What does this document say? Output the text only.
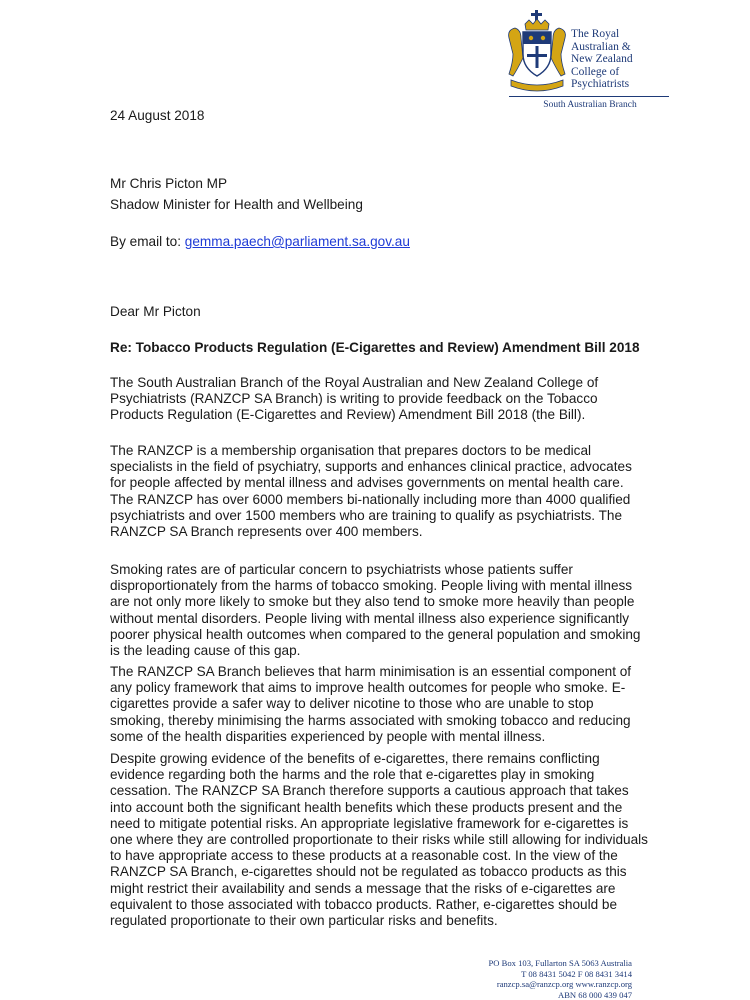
The Royal
Australian &
New Zealand
College of
Psychiatrists
South Australian Branch
24 August 2018
Mr Chris Picton MP
Shadow Minister for Health and Wellbeing
By email to: gemma.paech@parliament.sa.gov.au
Dear Mr Picton
Re: Tobacco Products Regulation (E-Cigarettes and Review) Amendment Bill 2018
The South Australian Branch of the Royal Australian and New Zealand College of
Psychiatrists (RANZCP SA Branch) is writing to provide feedback on the Tobacco
Products Regulation (E-Cigarettes and Review) Amendment Bill 2018 (the Bill).
The RANZCP is a membership organisation that prepares doctors to be medical
specialists in the field of psychiatry, supports and enhances clinical practice, advocates
for people affected by mental illness and advises governments on mental health care.
The RANZCP has over 6000 members bi-nationally including more than 4000 qualified
psychiatrists and over 1500 members who are training to qualify as psychiatrists. The
RANZCP SA Branch represents over 400 members.
Smoking rates are of particular concern to psychiatrists whose patients suffer
disproportionately from the harms of tobacco smoking. People living with mental illness
are not only more likely to smoke but they also tend to smoke more heavily than people
without mental disorders. People living with mental illness also experience significantly
poorer physical health outcomes when compared to the general population and smoking
is the leading cause of this gap.
The RANZCP SA Branch believes that harm minimisation is an essential component of
any policy framework that aims to improve health outcomes for people who smoke. E-
cigarettes provide a safer way to deliver nicotine to those who are unable to stop
smoking, thereby minimising the harms associated with smoking tobacco and reducing
some of the health disparities experienced by people with mental illness.
Despite growing evidence of the benefits of e-cigarettes, there remains conflicting
evidence regarding both the harms and the role that e-cigarettes play in smoking
cessation. The RANZCP SA Branch therefore supports a cautious approach that takes
into account both the significant health benefits which these products present and the
need to mitigate potential risks. An appropriate legislative framework for e-cigarettes is
one where they are controlled proportionate to their risks while still allowing for individuals
to have appropriate access to these products at a reasonable cost. In the view of the
RANZCP SA Branch, e-cigarettes should not be regulated as tobacco products as this
might restrict their availability and sends a message that the risks of e-cigarettes are
equivalent to those associated with tobacco products. Rather, e-cigarettes should be
regulated proportionate to their own particular risks and benefits.
PO Box 103, Fullarton SA 5063 Australia
T 08 8431 5042 F 08 8431 3414
ranzcp.sa@ranzcp.org www.ranzcp.org
ABN 68 000 439 047
